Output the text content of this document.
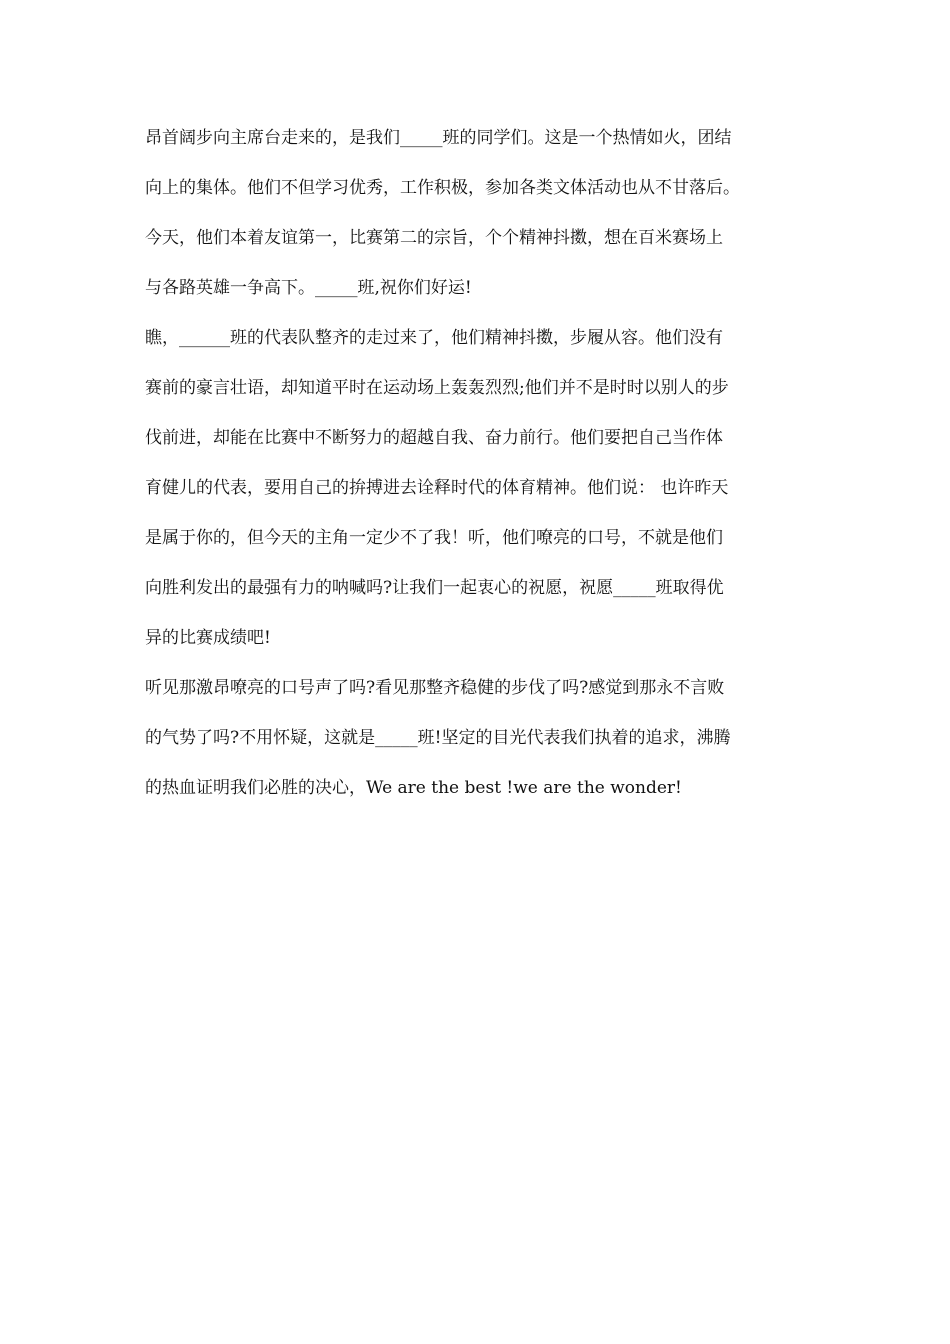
昂首阔步向主席台走来的，是我们_____班的同学们。这是一个热情如火，团结
向上的集体。他们不但学习优秀，工作积极，参加各类文体活动也从不甘落后。
今天，他们本着友谊第一，比赛第二的宗旨，个个精神抖擞，想在百米赛场上
与各路英雄一争高下。_____班,祝你们好运!
瞧，______班的代表队整齐的走过来了，他们精神抖擞，步履从容。他们没有
赛前的豪言壮语，却知道平时在运动场上轰轰烈烈;他们并不是时时以别人的步
伐前进，却能在比赛中不断努力的超越自我、奋力前行。他们要把自己当作体
育健儿的代表，要用自己的拚搏进去诠释时代的体育精神。他们说： 也许昨天
是属于你的，但今天的主角一定少不了我！听，他们嘹亮的口号，不就是他们
向胜利发出的最强有力的呐喊吗?让我们一起衷心的祝愿，祝愿_____班取得优
异的比赛成绩吧!
听见那激昂嘹亮的口号声了吗?看见那整齐稳健的步伐了吗?感觉到那永不言败
的气势了吗?不用怀疑，这就是_____班!坚定的目光代表我们执着的追求，沸腾
的热血证明我们必胜的决心，We are the best !we are the wonder!
